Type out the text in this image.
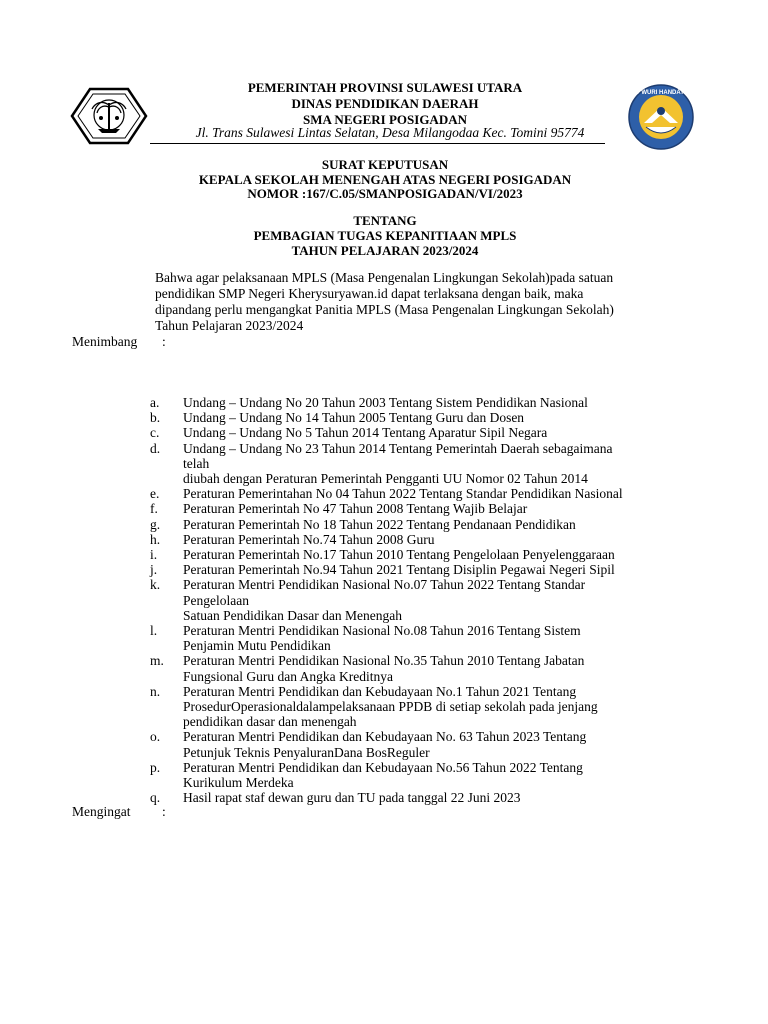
PEMERINTAH PROVINSI SULAWESI UTARA
DINAS PENDIDIKAN DAERAH
SMA NEGERI POSIGADAN
Jl. Trans Sulawesi Lintas Selatan, Desa Milangodaa Kec. Tomini 95774
TUT WURI HANDAYANI
SURAT KEPUTUSAN
KEPALA SEKOLAH MENENGAH ATAS NEGERI POSIGADAN
NOMOR :167/C.05/SMANPOSIGADAN/VI/2023
TENTANG
PEMBAGIAN TUGAS KEPANITIAAN MPLS
TAHUN PELAJARAN 2023/2024
Bahwa agar pelaksanaan MPLS (Masa Pengenalan Lingkungan Sekolah)pada satuan
pendidikan SMP Negeri Kherysuryawan.id dapat terlaksana dengan baik, maka
dipandang perlu mengangkat Panitia MPLS (Masa Pengenalan Lingkungan Sekolah)
Tahun Pelajaran 2023/2024
Menimbang :
a.	Undang – Undang No 20 Tahun 2003 Tentang Sistem Pendidikan Nasional
b.	Undang – Undang No 14 Tahun 2005 Tentang Guru dan Dosen
c.	Undang – Undang No 5 Tahun 2014 Tentang Aparatur Sipil Negara
d.	Undang – Undang No 23 Tahun 2014 Tentang Pemerintah Daerah sebagaimana
telah
diubah dengan Peraturan Pemerintah Pengganti UU Nomor 02 Tahun 2014
e.	Peraturan Pemerintahan No 04 Tahun 2022 Tentang Standar Pendidikan Nasional
f.	Peraturan Pemerintah No 47 Tahun 2008 Tentang Wajib Belajar
g.	Peraturan Pemerintah No 18 Tahun 2022 Tentang Pendanaan Pendidikan
h.	Peraturan Pemerintah No.74 Tahun 2008 Guru
i.	Peraturan Pemerintah No.17 Tahun 2010 Tentang Pengelolaan Penyelenggaraan
j.	Peraturan Pemerintah No.94 Tahun 2021 Tentang Disiplin Pegawai Negeri Sipil
k.	Peraturan Mentri Pendidikan Nasional No.07 Tahun 2022 Tentang Standar
Pengelolaan
Satuan Pendidikan Dasar dan Menengah
l.	Peraturan Mentri Pendidikan Nasional No.08 Tahun 2016 Tentang Sistem
Penjamin Mutu Pendidikan
m.	Peraturan Mentri Pendidikan Nasional No.35 Tahun 2010 Tentang Jabatan
Fungsional Guru dan Angka Kreditnya
n.	Peraturan Mentri Pendidikan dan Kebudayaan No.1 Tahun 2021 Tentang
ProsedurOperasionaldalampelaksanaan PPDB di setiap sekolah pada jenjang
pendidikan dasar dan menengah
o.	Peraturan Mentri Pendidikan dan Kebudayaan No. 63 Tahun 2023 Tentang
Petunjuk Teknis PenyaluranDana BosReguler
p.	Peraturan Mentri Pendidikan dan Kebudayaan No.56 Tahun 2022 Tentang
Kurikulum Merdeka
q.	Hasil rapat staf dewan guru dan TU pada tanggal 22 Juni 2023
Mengingat :
